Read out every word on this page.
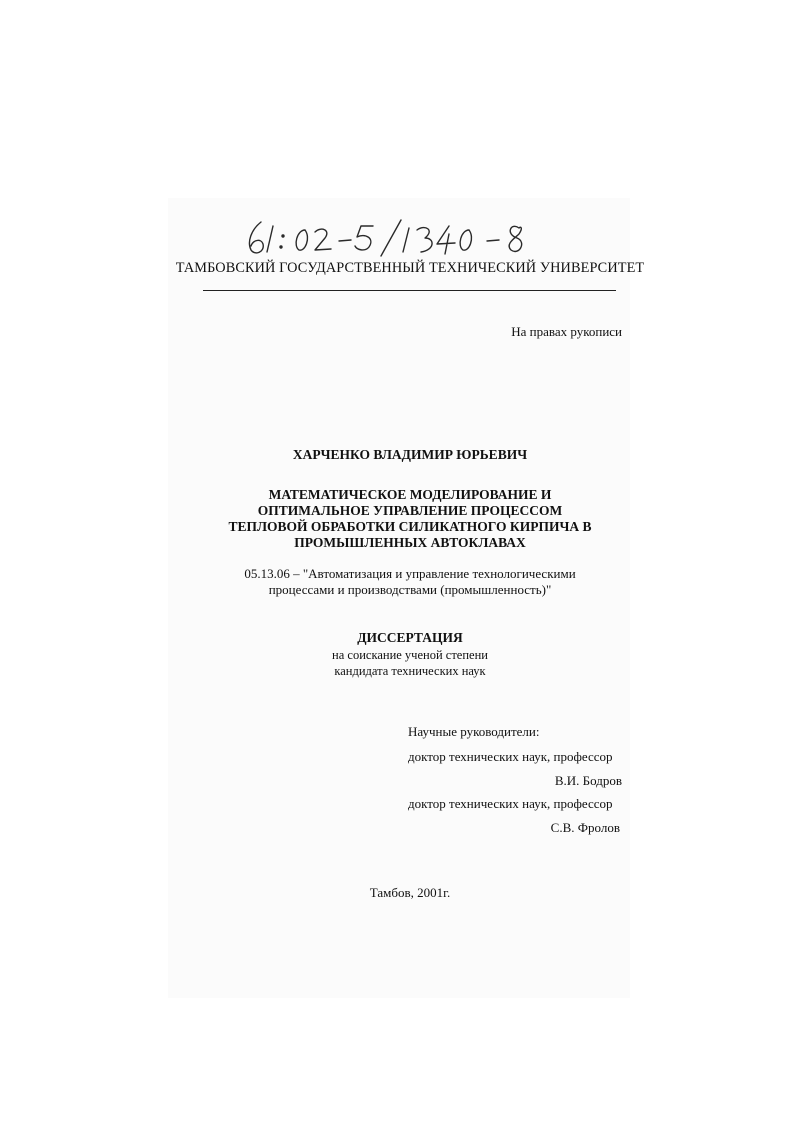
ТАМБОВСКИЙ ГОСУДАРСТВЕННЫЙ ТЕХНИЧЕСКИЙ УНИВЕРСИТЕТ
На правах рукописи
ХАРЧЕНКО ВЛАДИМИР ЮРЬЕВИЧ
МАТЕМАТИЧЕСКОЕ МОДЕЛИРОВАНИЕ И
ОПТИМАЛЬНОЕ УПРАВЛЕНИЕ ПРОЦЕССОМ
ТЕПЛОВОЙ ОБРАБОТКИ СИЛИКАТНОГО КИРПИЧА В
ПРОМЫШЛЕННЫХ АВТОКЛАВАХ
05.13.06 – "Автоматизация и управление технологическими
процессами и производствами (промышленность)"
ДИССЕРТАЦИЯ
на соискание ученой степени
кандидата технических наук
Научные руководители:
доктор технических наук, профессор
В.И. Бодров
доктор технических наук, профессор
С.В. Фролов
Тамбов, 2001г.
